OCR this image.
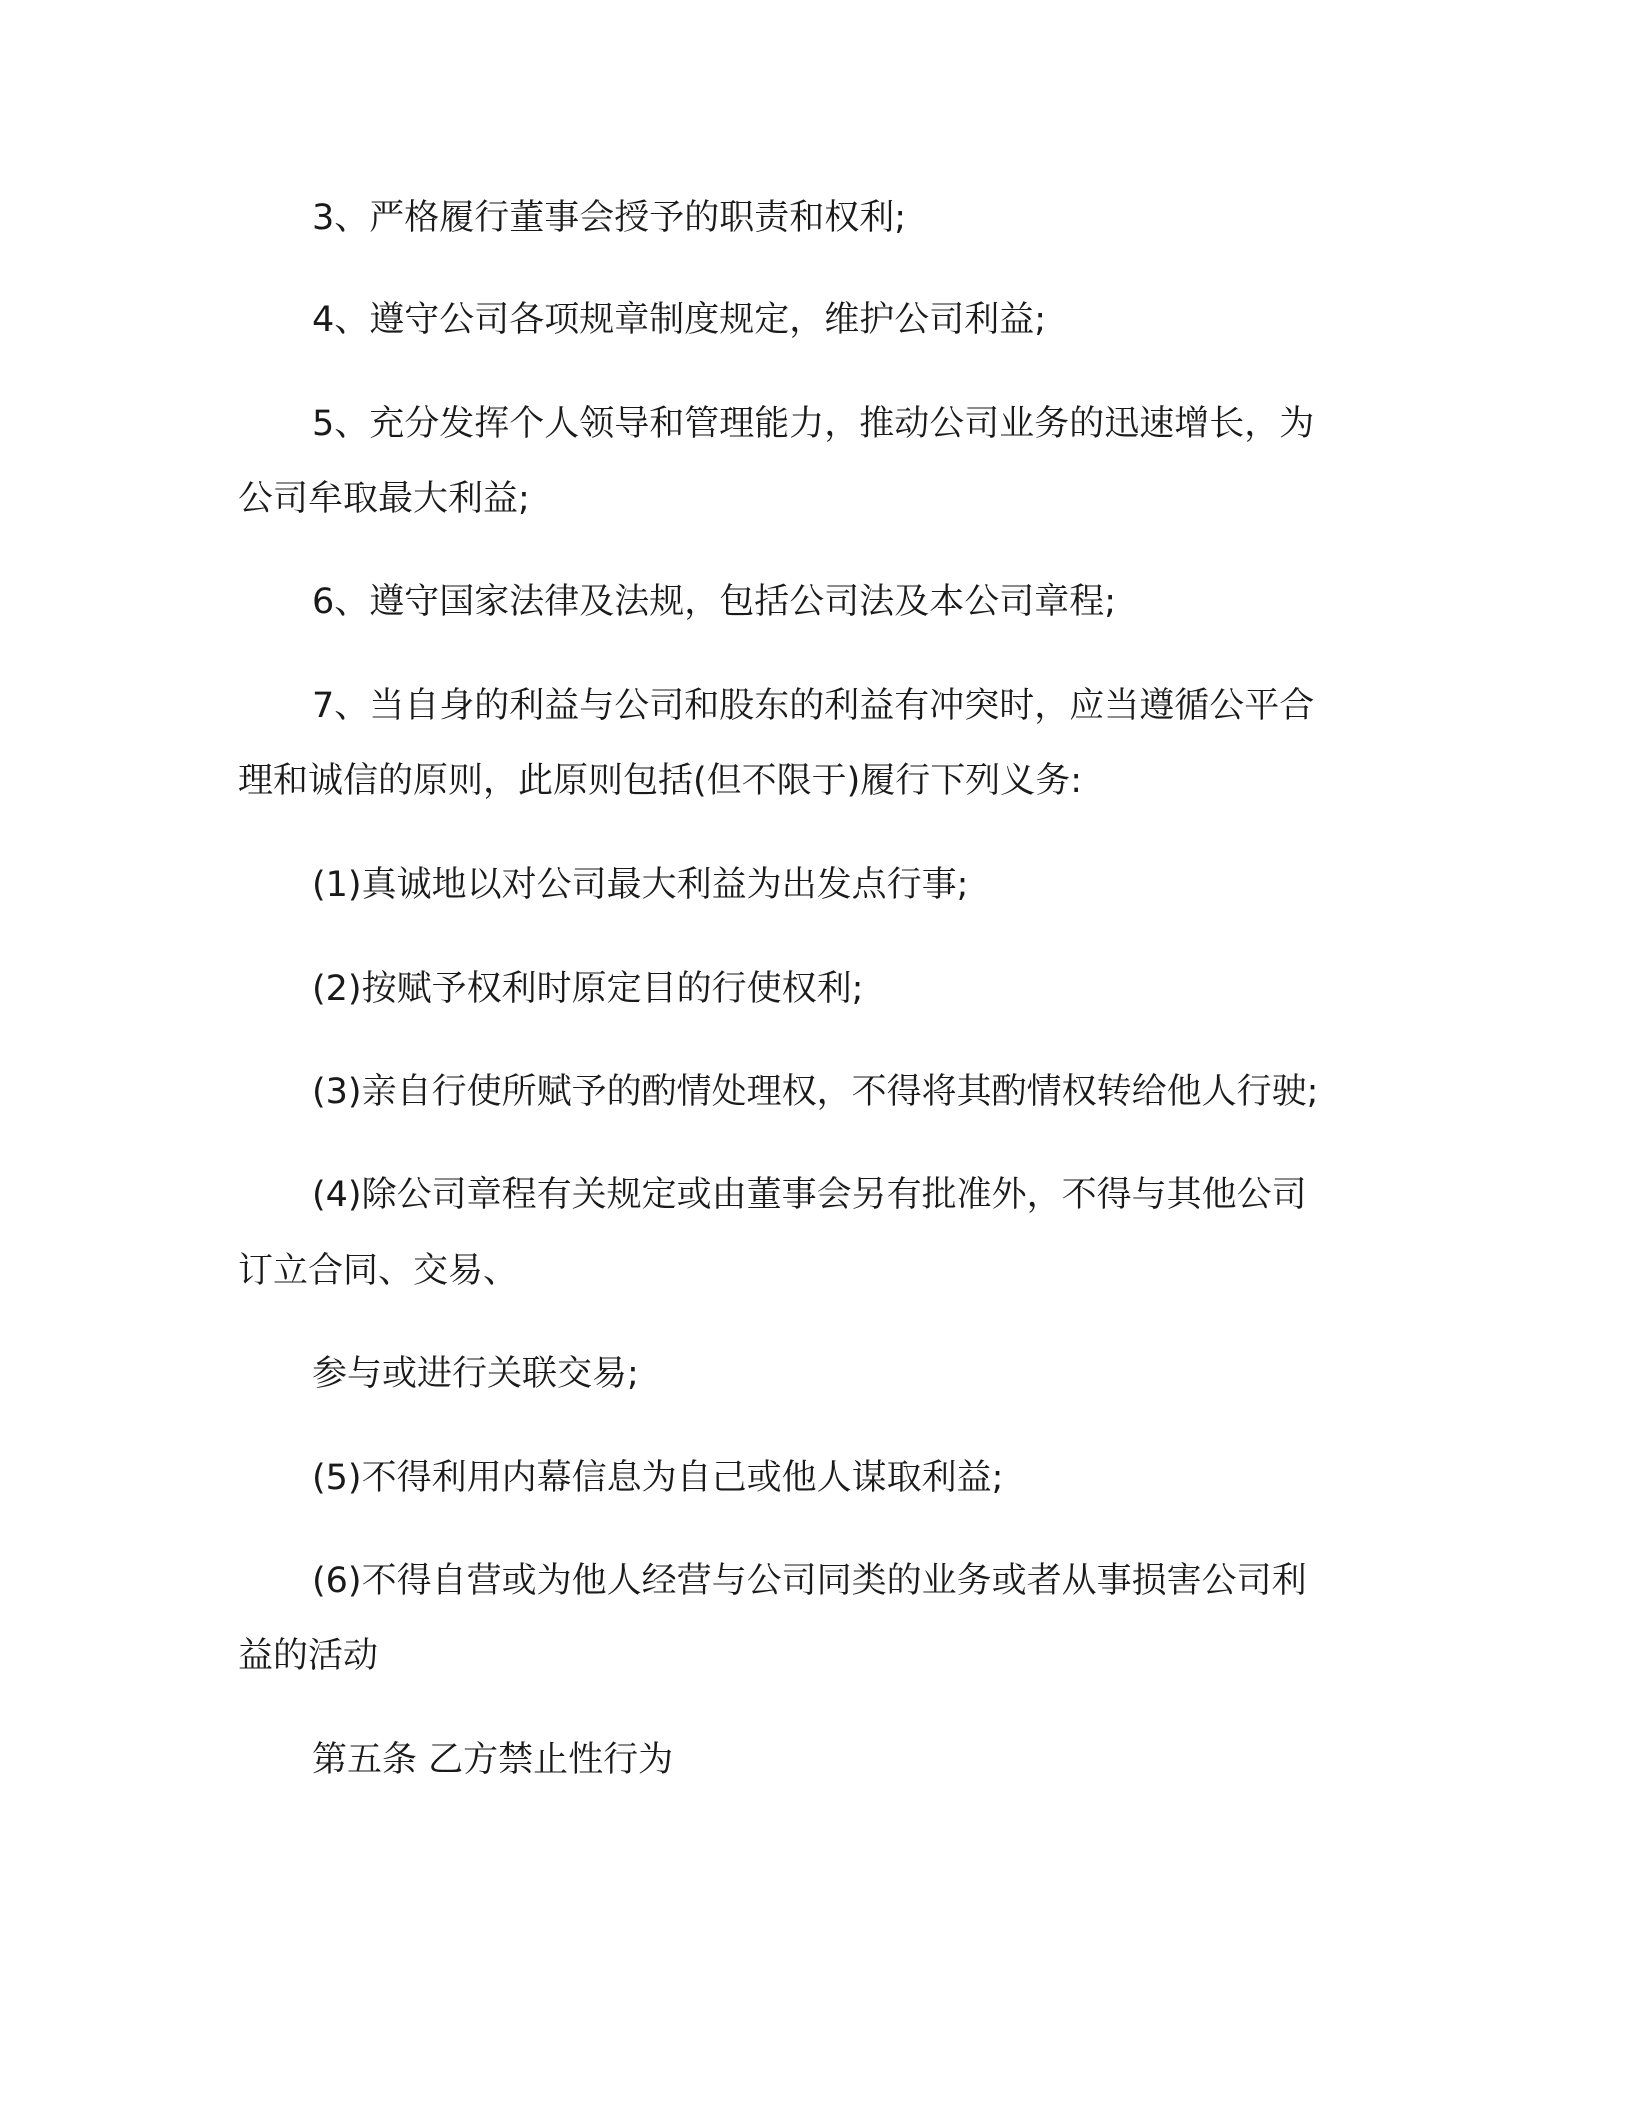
3、严格履行董事会授予的职责和权利;
4、遵守公司各项规章制度规定，维护公司利益;
5、充分发挥个人领导和管理能力，推动公司业务的迅速增长，为
公司牟取最大利益;
6、遵守国家法律及法规，包括公司法及本公司章程;
7、当自身的利益与公司和股东的利益有冲突时，应当遵循公平合
理和诚信的原则，此原则包括(但不限于)履行下列义务:
(1)真诚地以对公司最大利益为出发点行事;
(2)按赋予权利时原定目的行使权利;
(3)亲自行使所赋予的酌情处理权，不得将其酌情权转给他人行驶;
(4)除公司章程有关规定或由董事会另有批准外，不得与其他公司
订立合同、交易、
参与或进行关联交易;
(5)不得利用内幕信息为自己或他人谋取利益;
(6)不得自营或为他人经营与公司同类的业务或者从事损害公司利
益的活动
第五条 乙方禁止性行为
